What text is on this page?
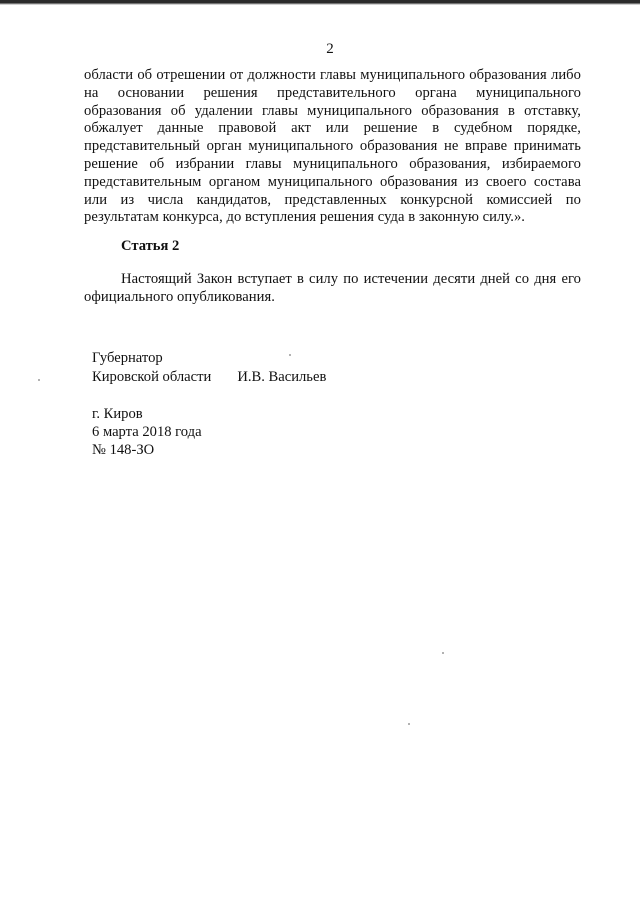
2
области об отрешении от должности главы муниципального образования либо
на основании решения представительного органа муниципального
образования об удалении главы муниципального образования в отставку,
обжалует данные правовой акт или решение в судебном порядке,
представительный орган муниципального образования не вправе принимать
решение об избрании главы муниципального образования, избираемого
представительным органом муниципального образования из своего состава
или из числа кандидатов, представленных конкурсной комиссией по
результатам конкурса, до вступления решения суда в законную силу.».
Статья 2
Настоящий Закон вступает в силу по истечении десяти дней со дня его
официального опубликования.
Губернатор
Кировской области И.В. Васильев
г. Киров
6 марта 2018 года
№ 148-ЗО
